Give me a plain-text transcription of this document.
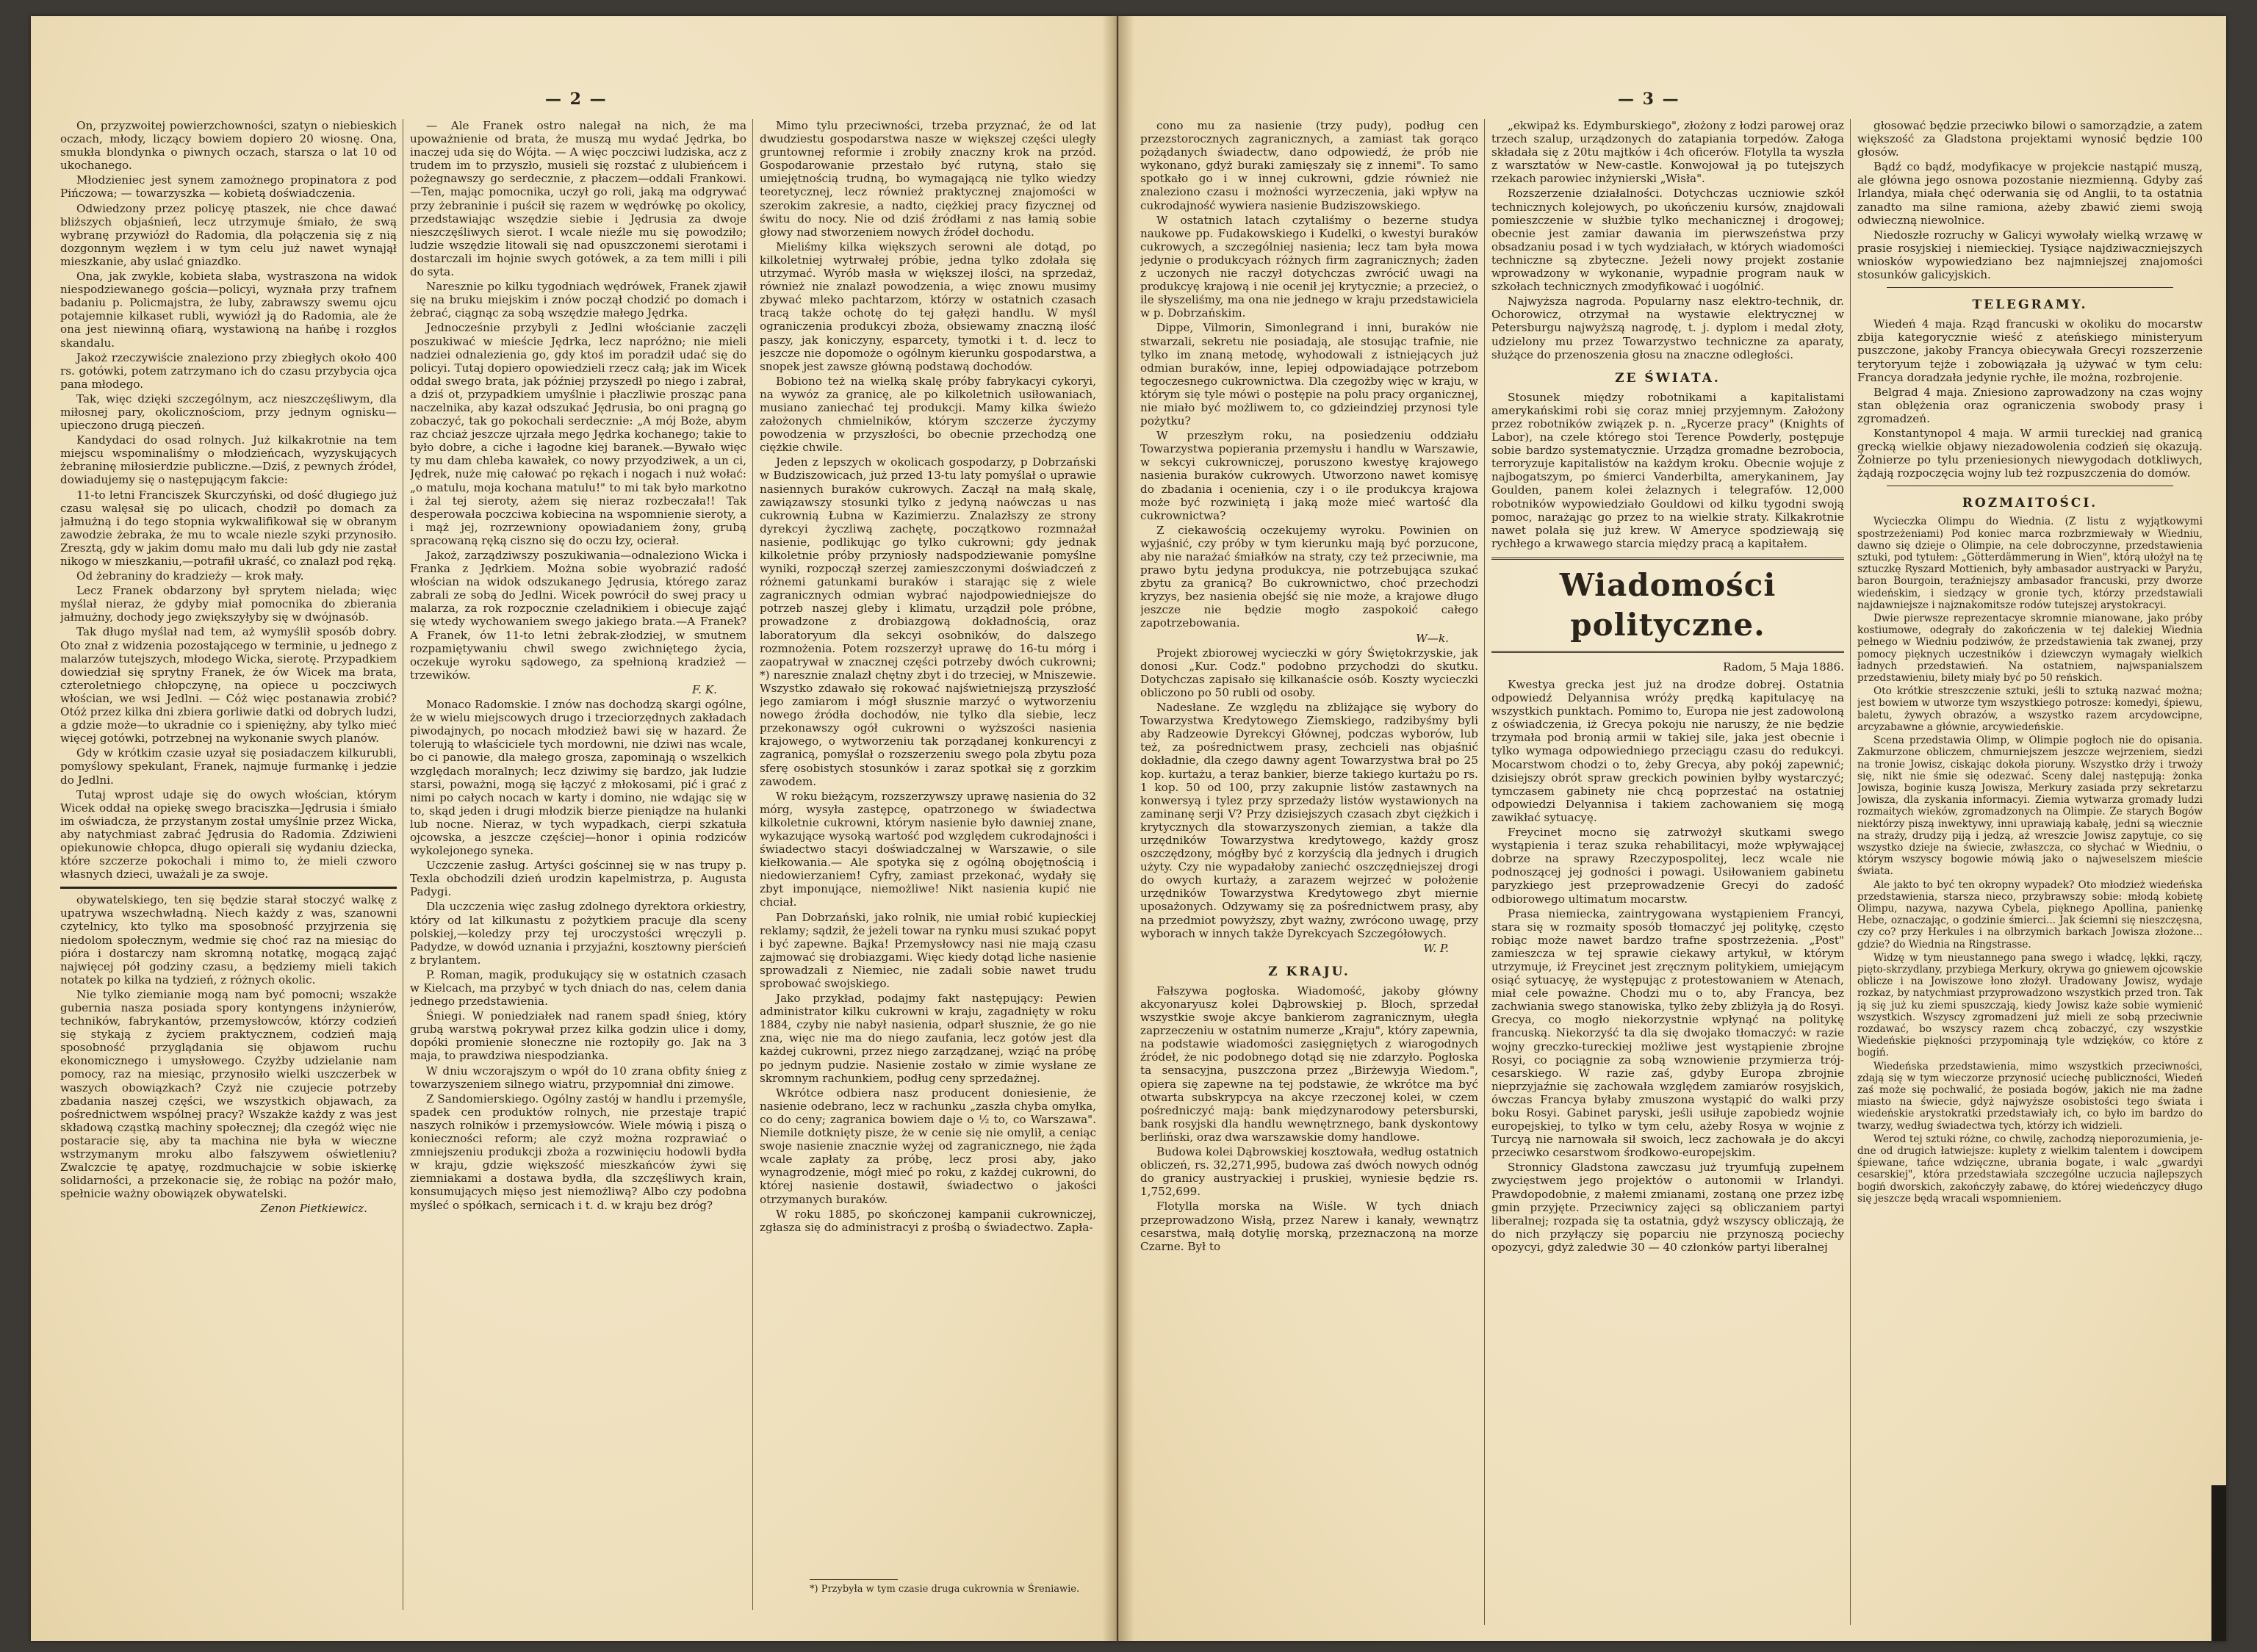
— 2 —

On, przyzwoitej powierzchowności, szatyn o niebieskich oczach, młody, liczący bowiem dopiero 20 wiosnę. Ona, smukła blondynka o piwnych oczach, starsza o lat 10 od ukochanego.

Młodzieniec jest synem zamożnego propinatora z pod Pińczowa; — towarzyszka — kobietą doświadczenia.

Odwiedzony przez policyę ptaszek, nie chce dawać bliższych objaśnień, lecz utrzymuje śmiało, że swą wybranę przywiózł do Radomia, dla połączenia się z nią dozgonnym węzłem i w tym celu już nawet wynajął mieszkanie, aby uslać gniazdko.

Ona, jak zwykle, kobieta słaba, wystraszona na widok niespodziewanego gościa—policyi, wyznała przy trafnem badaniu p. Policmajstra, że luby, zabrawszy swemu ojcu potajemnie kilkaset rubli, wywiózł ją do Radomia, ale że ona jest niewinną ofiarą, wystawioną na hańbę i rozgłos skandalu.

Jakoż rzeczywiście znaleziono przy zbiegłych około 400 rs. gotówki, potem zatrzymano ich do czasu przybycia ojca pana młodego.

Tak, więc dzięki szczególnym, acz nieszczęśliwym, dla miłosnej pary, okolicznościom, przy jednym ognisku—upieczono drugą pieczeń.

Kandydaci do osad rolnych. Już kilkakrotnie na tem miejscu wspominaliśmy o młodzieńcach, wyzyskujących żebraninę miłosierdzie publiczne.—Dziś, z pewnych źródeł, dowiadujemy się o następującym fakcie:

11-to letni Franciszek Skurczyński, od dość długiego już czasu walęsał się po ulicach, chodził po domach za jałmużną i do tego stopnia wykwalifikował się w obranym zawodzie żebraka, że mu to wcale niezle szyki przynosiło. Zresztą, gdy w jakim domu mało mu dali lub gdy nie zastał nikogo w mieszkaniu,—potrafił ukraść, co znalazł pod ręką.

Od żebraniny do kradzieży — krok mały.

Lecz Franek obdarzony był sprytem nielada; więc myślał nieraz, że gdyby miał pomocnika do zbierania jałmużny, dochody jego zwiększyłyby się w dwójnasób.

Tak długo myślał nad tem, aż wymyślił sposób dobry. Oto znał z widzenia pozostającego w terminie, u jednego z malarzów tutejszych, młodego Wicka, sierotę. Przypadkiem dowiedział się sprytny Franek, że ów Wicek ma brata, czteroletniego chłopczynę, na opiece u poczciwych włościan, we wsi Jedlni. — Cóż więc postanawia zrobić? Otóż przez kilka dni zbiera gorliwie datki od dobrych ludzi, a gdzie może—to ukradnie co i spieniężny, aby tylko mieć więcej gotówki, potrzebnej na wykonanie swych planów.

Gdy w krótkim czasie uzyał się posiadaczem kilkurubli, pomyślowy spekulant, Franek, najmuje furmankę i jedzie do Jedlni.

Tutaj wprost udaje się do owych włościan, którym Wicek oddał na opiekę swego braciszka—Jędrusia i śmiało im oświadcza, że przystanym został umyślnie przez Wicka, aby natychmiast zabrać Jędrusia do Radomia. Zdziwieni opiekunowie chłopca, długo opierali się wydaniu dziecka, które szczerze pokochali i mimo to, że mieli czworo własnych dzieci, uważali je za swoje.

obywatelskiego, ten się będzie starał stoczyć walkę z upatrywa wszechwładną. Niech każdy z was, szanowni czytelnicy, kto tylko ma sposobność przyjrzenia się niedolom społecznym, wedmie się choć raz na miesiąc do pióra i dostarczy nam skromną notatkę, mogącą zająć najwięcej pół godziny czasu, a będziemy mieli takich notatek po kilka na tydzień, z różnych okolic.

Nie tylko ziemianie mogą nam być pomocni; wszakże gubernia nasza posiada spory kontyngens inżynierów, techników, fabrykantów, przemysłowców, którzy codzień się stykają z życiem praktycznem, codzień mają sposobność przyglądania się objawom ruchu ekonomicznego i umysłowego. Czyżby udzielanie nam pomocy, raz na miesiąc, przynosiło wielki uszczerbek w waszych obowiązkach? Czyż nie czujecie potrzeby zbadania naszej części, we wszystkich objawach, za pośrednictwem wspólnej pracy? Wszakże każdy z was jest składową cząstką machiny społecznej; dla czegóż więc nie postaracie się, aby ta machina nie była w wieczne wstrzymanym mroku albo fałszywem oświetleniu? Zwalczcie tę apatyę, rozdmuchajcie w sobie iskierkę solidarności, a przekonacie się, że robiąc na pożór mało, spełnicie ważny obowiązek obywatelski.

Zenon Pietkiewicz.

— Ale Franek ostro nalegał na nich, że ma upoważnienie od brata, że muszą mu wydać Jędrka, bo inaczej uda się do Wójta. — A więc poczciwi ludziska, acz z trudem im to przyszło, musieli się rozstać z ulubieńcem i pożegnawszy go serdecznie, z płaczem—oddali Frankowi.—Ten, mając pomocnika, uczył go roli, jaką ma odgrywać przy żebraninie i puścił się razem w wędrówkę po okolicy, przedstawiając wszędzie siebie i Jędrusia za dwoje nieszczęśliwych sierot. I wcale nieźle mu się powodziło; ludzie wszędzie litowali się nad opuszczonemi sierotami i dostarczali im hojnie swych gotówek, a za tem milli i pili do syta.

Naresznie po kilku tygodniach wędrówek, Franek zjawił się na bruku miejskim i znów począł chodzić po domach i żebrać, ciągnąc za sobą wszędzie małego Jędrka.

Jednocześnie przybyli z Jedlni włościanie zaczęli poszukiwać w mieście Jędrka, lecz napróżno; nie mieli nadziei odnalezienia go, gdy ktoś im poradził udać się do policyi. Tutaj dopiero opowiedzieli rzecz całą; jak im Wicek oddał swego brata, jak później przyszedł po niego i zabrał, a dziś ot, przypadkiem umyślnie i płaczliwie prosząc pana naczelnika, aby kazał odszukać Jędrusia, bo oni pragną go zobaczyć, tak go pokochali serdecznie: „A mój Boże, abym raz chciaż jeszcze ujrzała mego Jędrka kochanego; takie to było dobre, a ciche i łagodne kiej baranek.—Bywało więc ty mu dam chleba kawałek, co nowy przyodziwek, a un ci, Jędrek, nuże mię całować po rękach i nogach i nuż wołać: „o matulu, moja kochana matulu!" to mi tak było markotno i żal tej sieroty, ażem się nieraz rozbeczała!! Tak desperowała poczciwa kobiecina na wspomnienie sieroty, a i mąż jej, rozrzewniony opowiadaniem żony, grubą spracowaną ręką ciszno się do oczu łzy, ocierał.

Jakoż, zarządziwszy poszukiwania—odnaleziono Wicka i Franka z Jędrkiem. Można sobie wyobrazić radość włościan na widok odszukanego Jędrusia, którego zaraz zabrali ze sobą do Jedlni. Wicek powrócił do swej pracy u malarza, za rok rozpocznie czeladnikiem i obiecuje zająć się wtedy wychowaniem swego jakiego brata.—A Franek? A Franek, ów 11-to letni żebrak-złodziej, w smutnem rozpamiętywaniu chwil swego zwichniętego życia, oczekuje wyroku sądowego, za spełnioną kradzież — trzewików.

F. K.

Monaco Radomskie. I znów nas dochodzą skargi ogólne, że w wielu miejscowych drugo i trzeciorzędnych zakładach piwodajnych, po nocach młodzież bawi się w hazard. Że tolerują to właściciele tych mordowni, nie dziwi nas wcale, bo ci panowie, dla małego grosza, zapominają o wszelkich względach moralnych; lecz dziwimy się bardzo, jak ludzie starsi, poważni, mogą się łączyć z młokosami, pić i grać z nimi po całych nocach w karty i domino, nie wdając się w to, skąd jeden i drugi młodzik bierze pieniądze na hulanki lub nocne. Nieraz, w tych wypadkach, cierpi szkatuła ojcowska, a jeszcze częściej—honor i opinia rodziców wykolejonego syneka.

Uczczenie zasług. Artyści gościnnej się w nas trupy p. Texla obchodzili dzień urodzin kapelmistrza, p. Augusta Padygi.

Dla uczczenia więc zasług zdolnego dyrektora orkiestry, który od lat kilkunastu z pożytkiem pracuje dla sceny polskiej,—koledzy przy tej uroczystości wręczyli p. Padydze, w dowód uznania i przyjaźni, kosztowny pierścień z brylantem.

P. Roman, magik, produkujący się w ostatnich czasach w Kielcach, ma przybyć w tych dniach do nas, celem dania jednego przedstawienia.

Śniegi. W poniedziałek nad ranem spadł śnieg, który grubą warstwą pokrywał przez kilka godzin ulice i domy, dopóki promienie słoneczne nie roztopiły go. Jak na 3 maja, to prawdziwa niespodzianka.

W dniu wczorajszym o wpół do 10 zrana obfity śnieg z towarzyszeniem silnego wiatru, przypomniał dni zimowe.

Z Sandomierskiego. Ogólny zastój w handlu i przemyśle, spadek cen produktów rolnych, nie przestaje trapić naszych rolników i przemysłowców. Wiele mówią i piszą o konieczności reform; ale czyż można rozprawiać o zmniejszeniu produkcji zboża a rozwinięciu hodowli bydła w kraju, gdzie większość mieszkańców żywi się ziemniakami a dostawa bydła, dla szczęśliwych krain, konsumujących mięso jest niemożliwą? Albo czy podobna myśleć o spółkach, sernicach i t. d. w kraju bez dróg?

Mimo tylu przeciwności, trzeba przyznać, że od lat dwudziestu gospodarstwa nasze w większej części uległy gruntownej reformie i zrobiły znaczny krok na przód. Gospodarowanie przestało być rutyną, stało się umiejętnością trudną, bo wymagającą nie tylko wiedzy teoretycznej, lecz również praktycznej znajomości w szerokim zakresie, a nadto, ciężkiej pracy fizycznej od świtu do nocy. Nie od dziś źródłami z nas łamią sobie głowy nad stworzeniem nowych źródeł dochodu.

Mieliśmy kilka większych serowni ale dotąd, po kilkoletniej wytrwałej próbie, jedna tylko zdołała się utrzymać. Wyrób masła w większej ilości, na sprzedaż, również nie znalazł powodzenia, a więc znowu musimy zbywać mleko pachtarzom, którzy w ostatnich czasach tracą także ochotę do tej gałęzi handlu. W myśl ograniczenia produkcyi zboża, obsiewamy znaczną ilość paszy, jak koniczyny, esparcety, tymotki i t. d. lecz to jeszcze nie dopomoże o ogólnym kierunku gospodarstwa, a snopek jest zawsze główną podstawą dochodów.

Bobiono też na wielką skalę próby fabrykacyi cykoryi, na wywóz za granicę, ale po kilkoletnich usiłowaniach, musiano zaniechać tej produkcji. Mamy kilka świeżo założonych chmielników, którym szczerze życzymy powodzenia w przyszłości, bo obecnie przechodzą one ciężkie chwile.

Jeden z lepszych w okolicach gospodarzy, p Dobrzański w Budziszowicach, już przed 13-tu laty pomyślał o uprawie nasiennych buraków cukrowych. Zaczął na małą skalę, zawiązawszy stosunki tylko z jedyną naówczas u nas cukrownią Łubna w Kazimierzu. Znalazłszy ze strony dyrekcyi życzliwą zachętę, początkowo rozmnażał nasienie, podlikując go tylko cukrowni; gdy jednak kilkoletnie próby przyniosły nadspodziewanie pomyślne wyniki, rozpoczął szerzej zamieszczonymi doświadczeń z różnemi gatunkami buraków i starając się z wiele zagranicznych odmian wybrać najodpowiedniejsze do potrzeb naszej gleby i klimatu, urządził pole próbne, prowadzone z drobiazgową dokładnością, oraz laboratoryum dla sekcyi osobników, do dalszego rozmnożenia. Potem rozszerzył uprawę do 16-tu mórg i zaopatrywał w znacznej części potrzeby dwóch cukrowni; *) naresznie znalazł chętny zbyt i do trzeciej, w Mniszewie. Wszystko zdawało się rokować najświetniejszą przyszłość jego zamiarom i mógł słusznie marzyć o wytworzeniu nowego źródła dochodów, nie tylko dla siebie, lecz przekonawszy ogół cukrowni o wyższości nasienia krajowego, o wytworzeniu tak porządanej konkurencyi z zagranicą, pomyślał o rozszerzeniu swego pola zbytu poza sferę osobistych stosunków i zaraz spotkał się z gorzkim zawodem.

W roku bieżącym, rozszerzywszy uprawę nasienia do 32 mórg, wysyła zastępcę, opatrzonego w świadectwa kilkoletnie cukrowni, którym nasienie było dawniej znane, wykazujące wysoką wartość pod względem cukrodajności i świadectwo stacyi doświadczalnej w Warszawie, o sile kiełkowania.— Ale spotyka się z ogólną obojętnością i niedowierzaniem! Cyfry, zamiast przekonać, wydały się zbyt imponujące, niemożliwe! Nikt nasienia kupić nie chciał.

Pan Dobrzański, jako rolnik, nie umiał robić kupieckiej reklamy; sądził, że jeżeli towar na rynku musi szukać popyt i być zapewne. Bajka! Przemysłowcy nasi nie mają czasu zajmować się drobiazgami. Więc kiedy dotąd liche nasienie sprowadzali z Niemiec, nie zadali sobie nawet trudu sprobować swojskiego.

Jako przykład, podajmy fakt następujący: Pewien administrator kilku cukrowni w kraju, zagadnięty w roku 1884, czyby nie nabył nasienia, odparł słusznie, że go nie zna, więc nie ma do niego zaufania, lecz gotów jest dla każdej cukrowni, przez niego zarządzanej, wziąć na próbę po jednym pudzie. Nasienie zostało w zimie wysłane ze skromnym rachunkiem, podług ceny sprzedażnej.

Wkrótce odbiera nasz producent doniesienie, że nasienie odebrano, lecz w rachunku „zaszła chyba omyłka, co do ceny; zagranica bowiem daje o ½ to, co Warszawa". Niemile dotknięty pisze, że w cenie się nie omylił, a ceniąc swoje nasienie znacznie wyżej od zagranicznego, nie żąda wcale zapłaty za próbę, lecz prosi aby, jako wynagrodzenie, mógł mieć po roku, z każdej cukrowni, do której nasienie dostawił, świadectwo o jakości otrzymanych buraków.

W roku 1885, po skończonej kampanii cukrowniczej, zgłasza się do administracyi z prośbą o świadectwo. Zapła-

*) Przybyła w tym czasie druga cukrownia w Śreniawie.
— 3 —

cono mu za nasienie (trzy pudy), podług cen przezstorocznych zagranicznych, a zamiast tak gorąco pożądanych świadectw, dano odpowiedź, że prób nie wykonano, gdyż buraki zamięszały się z innemi". To samo spotkało go i w innej cukrowni, gdzie również nie znaleziono czasu i możności wyrzeczenia, jaki wpływ na cukrodajność wywiera nasienie Budziszowskiego.

W ostatnich latach czytaliśmy o bezerne studya naukowe pp. Fudakowskiego i Kudelki, o kwestyi buraków cukrowych, a szczególniej nasienia; lecz tam była mowa jedynie o produkcyach różnych firm zagranicznych; żaden z uczonych nie raczył dotychczas zwrócić uwagi na produkcyę krajową i nie ocenił jej krytycznie; a przecież, o ile słyszeliśmy, ma ona nie jednego w kraju przedstawiciela w p. Dobrzańskim.

Dippe, Vilmorin, Simonlegrand i inni, buraków nie stwarzali, sekretu nie posiadają, ale stosując trafnie, nie tylko im znaną metodę, wyhodowali z istniejących już odmian buraków, inne, lepiej odpowiadające potrzebom tegoczesnego cukrownictwa. Dla czegożby więc w kraju, w którym się tyle mówi o postępie na polu pracy organicznej, nie miało być możliwem to, co gdzieindziej przynosi tyle pożytku?

W przeszłym roku, na posiedzeniu oddziału Towarzystwa popierania przemysłu i handlu w Warszawie, w sekcyi cukrowniczej, poruszono kwestyę krajowego nasienia buraków cukrowych. Utworzono nawet komisyę do zbadania i ocenienia, czy i o ile produkcya krajowa może być rozwiniętą i jaką może mieć wartość dla cukrownictwa?

Z ciekawością oczekujemy wyroku. Powinien on wyjaśnić, czy próby w tym kierunku mają być porzucone, aby nie narażać śmiałków na straty, czy też przeciwnie, ma prawo bytu jedyna produkcya, nie potrzebująca szukać zbytu za granicą? Bo cukrownictwo, choć przechodzi kryzys, bez nasienia obejść się nie może, a krajowe długo jeszcze nie będzie mogło zaspokoić całego zapotrzebowania.

W—k.

Projekt zbiorowej wycieczki w góry Świętokrzyskie, jak donosi „Kur. Codz." podobno przychodzi do skutku. Dotychczas zapisało się kilkanaście osób. Koszty wycieczki obliczono po 50 rubli od osoby.

Nadesłane. Ze względu na zbliżające się wybory do Towarzystwa Kredytowego Ziemskiego, radzibyśmy byli aby Radzeowie Dyrekcyi Głównej, podczas wyborów, lub też, za pośrednictwem prasy, zechcieli nas objaśnić dokładnie, dla czego dawny agent Towarzystwa brał po 25 kop. kurtażu, a teraz bankier, bierze takiego kurtażu po rs. 1 kop. 50 od 100, przy zakupnie listów zastawnych na konwersyą i tylez przy sprzedaży listów wystawionych na zaminanę serji V? Przy dzisiejszych czasach zbyt ciężkich i krytycznych dla stowarzyszonych ziemian, a także dla urzędników Towarzystwa kredytowego, każdy grosz oszczędzony, mógłby być z korzyścią dla jednych i drugich użyty. Czy nie wypadałoby zaniechć oszczędniejszej drogi do owych kurtaży, a zarazem wejrzeć w położenie urzędników Towarzystwa Kredytowego zbyt miernie uposażonych. Odzywamy się za pośrednictwem prasy, aby na przedmiot powyższy, zbyt ważny, zwrócono uwagę, przy wyborach w innych także Dyrekcyach Szczegółowych.

W. P.

Z KRAJU.

Fałszywa pogłoska. Wiadomość, jakoby główny akcyonaryusz kolei Dąbrowskiej p. Bloch, sprzedał wszystkie swoje akcye bankierom zagranicznym, ułegła zaprzeczeniu w ostatnim numerze „Kraju", który zapewnia, na podstawie wiadomości zasięgniętych z wiarogodnych źródeł, że nic podobnego dotąd się nie zdarzyło. Pogłoska ta sensacyjna, puszczona przez „Birżewyja Wiedom.", opiera się zapewne na tej podstawie, że wkrótce ma być otwarta subskrypcya na akcye rzeczonej kolei, w czem pośredniczyć mają: bank międzynarodowy petersburski, bank rosyjski dla handlu wewnętrznego, bank dyskontowy berliński, oraz dwa warszawskie domy handlowe.

Budowa kolei Dąbrowskiej kosztowała, według ostatnich obliczeń, rs. 32,271,995, budowa zaś dwóch nowych odnóg do granicy austryackiej i pruskiej, wyniesie będzie rs. 1,752,699.

Flotylla morska na Wiśle. W tych dniach przeprowadzono Wisłą, przez Narew i kanały, wewnątrz cesarstwa, małą dotylię morską, przeznaczoną na morze Czarne. Był to

„ekwipaż ks. Edymburskiego", złożony z łodzi parowej oraz trzech szalup, urządzonych do zatapiania torpedów. Załoga składała się z 20tu majtków i 4ch oficerów. Flotylla ta wyszła z warsztatów w New-castle. Konwojował ją po tutejszych rzekach parowiec inżynierski „Wisła".

Rozszerzenie działalności. Dotychczas uczniowie szkół technicznych kolejowych, po ukończeniu kursów, znajdowali pomieszczenie w służbie tylko mechanicznej i drogowej; obecnie jest zamiar dawania im pierwszeństwa przy obsadzaniu posad i w tych wydziałach, w których wiadomości techniczne są zbyteczne. Jeżeli nowy projekt zostanie wprowadzony w wykonanie, wypadnie program nauk w szkołach technicznych zmodyfikować i uogólnić.

Najwyższa nagroda. Popularny nasz elektro-technik, dr. Ochorowicz, otrzymał na wystawie elektrycznej w Petersburgu najwyższą nagrodę, t. j. dyplom i medal złoty, udzielony mu przez Towarzystwo techniczne za aparaty, służące do przenoszenia głosu na znaczne odległości.

ZE ŚWIATA.

Stosunek między robotnikami a kapitalistami amerykańskimi robi się coraz mniej przyjemnym. Założony przez robotników związek p. n. „Rycerze pracy" (Knights of Labor), na czele którego stoi Terence Powderly, postępuje sobie bardzo systematycznie. Urządza gromadne bezrobocia, terroryzuje kapitalistów na każdym kroku. Obecnie wojuje z najbogatszym, po śmierci Vanderbilta, amerykaninem, Jay Goulden, panem kolei żelaznych i telegrafów. 12,000 robotników wypowiedziało Gouldowi od kilku tygodni swoją pomoc, narażając go przez to na wielkie straty. Kilkakrotnie nawet polała się już krew. W Ameryce spodziewają się rychłego a krwawego starcia między pracą a kapitałem.

Wiadomości polityczne.

Radom, 5 Maja 1886.

Kwestya grecka jest już na drodze dobrej. Ostatnia odpowiedź Delyannisa wróży prędką kapitulacyę na wszystkich punktach. Pomimo to, Europa nie jest zadowoloną z oświadczenia, iż Grecya pokoju nie naruszy, że nie będzie trzymała pod bronią armii w takiej sile, jaka jest obecnie i tylko wymaga odpowiedniego przeciągu czasu do redukcyi. Mocarstwom chodzi o to, żeby Grecya, aby pokój zapewnić; dzisiejszy obrót spraw greckich powinien byłby wystarczyć; tymczasem gabinety nie chcą poprzestać na ostatniej odpowiedzi Delyannisa i takiem zachowaniem się mogą zawikłać sytuacyę.

Freycinet mocno się zatrwożył skutkami swego wystąpienia i teraz szuka rehabilitacyi, może wpływającej dobrze na sprawy Rzeczypospolitej, lecz wcale nie podnoszącej jej godności i powagi. Usiłowaniem gabinetu paryzkiego jest przeprowadzenie Grecyi do zadość odbiorowego ultimatum mocarstw.

Prasa niemiecka, zaintrygowana wystąpieniem Francyi, stara się w rozmaity sposób tłomaczyć jej politykę, często robiąc może nawet bardzo trafne spostrzeżenia. „Post" zamieszcza w tej sprawie ciekawy artykuł, w którym utrzymuje, iż Freycinet jest zręcznym politykiem, umiejącym osiąć sytuacyę, że występując z protestowaniem w Atenach, miał cele poważne. Chodzi mu o to, aby Francya, bez zachwiania swego stanowiska, tylko żeby zbliżyła ją do Rosyi. Grecya, co mogło niekorzystnie wpłynąć na politykę francuską. Niekorzyść ta dla się dwojako tłomaczyć: w razie wojny greczko-tureckiej możliwe jest wystąpienie zbrojne Rosyi, co pociągnie za sobą wznowienie przymierza trój-cesarskiego. W razie zaś, gdyby Europa zbrojnie nieprzyjaźnie się zachowała względem zamiarów rosyjskich, ówczas Francya byłaby zmuszona wystąpić do walki przy boku Rosyi. Gabinet paryski, jeśli usiłuje zapobiedz wojnie europejskiej, to tylko w tym celu, ażeby Rosya w wojnie z Turcyą nie narnowała sił swoich, lecz zachowała je do akcyi przeciwko cesarstwom środkowo-europejskim.

Stronnicy Gladstona zawczasu już tryumfują zupełnem zwycięstwem jego projektów o autonomii w Irlandyi. Prawdopodobnie, z małemi zmianami, zostaną one przez izbę gmin przyjęte. Przeciwnicy zajęci są obliczaniem partyi liberalnej; rozpada się ta ostatnia, gdyż wszyscy obliczają, że do nich przyłączy się poparciu nie przynoszą pociechy opozycyi, gdyż zaledwie 30 — 40 członków partyi liberalnej

głosować będzie przeciwko bilowi o samorządzie, a zatem większość za Gladstona projektami wynosić będzie 100 głosów.

Bądź co bądź, modyfikacye w projekcie nastąpić muszą, ale główna jego osnowa pozostanie niezmienną. Gdyby zaś Irlandya, miała chęć oderwania się od Anglii, to ta ostatnia zanadto ma silne ramiona, ażeby zbawić ziemi swoją odwieczną niewolnice.

Niedoszłe rozruchy w Galicyi wywołały wielką wrzawę w prasie rosyjskiej i niemieckiej. Tysiące najdziwaczniejszych wniosków wypowiedziano bez najmniejszej znajomości stosunków galicyjskich.

TELEGRAMY.

Wiedeń 4 maja. Rząd francuski w okoliku do mocarstw zbija kategorycznie wieść z ateńskiego ministeryum puszczone, jakoby Francya obiecywała Grecyi rozszerzenie terytoryum tejże i zobowiązała ją używać w tym celu: Francya doradzała jedynie rychłe, ile można, rozbrojenie.

Belgrad 4 maja. Zniesiono zaprowadzony na czas wojny stan oblężenia oraz ograniczenia swobody prasy i zgromadzeń.

Konstantynopol 4 maja. W armii tureckiej nad granicą grecką wielkie objawy niezadowolenia codzień się okazują. Żołnierze po tylu przeniesionych niewygodach dotkliwych, żądają rozpoczęcia wojny lub też rozpuszczenia do domów.

ROZMAITOŚCI.

Wycieczka Olimpu do Wiednia. (Z listu z wyjątkowymi spostrzeżeniami) Pod koniec marca rozbrzmiewały w Wiedniu, dawno się dzieje o Olimpie, na cele dobroczynne, przedstawienia sztuki, pod tytułem: „Götterdämmerung in Wien", którą ułożył na tę sztuczkę Ryszard Mottienich, były ambasador austryacki w Paryżu, baron Bourgoin, teraźniejszy ambasador francuski, przy dworze wiedeńskim, i siedzący w gronie tych, którzy przedstawiali najdawniejsze i najznakomitsze rodów tutejszej arystokracyi.

Dwie pierwsze reprezentacye skromnie mianowane, jako próby kostiumowe, odegrały do zakończenia w tej dalekiej Wiednia pełnego w Wiedniu podziwów, że przedstawienia tak zwanej, przy pomocy pięknych uczestników i dziewczyn wymagały wielkich ładnych przedstawień. Na ostatniem, najwspanialszem przedstawieniu, bilety miały być po 50 reńskich.

Oto krótkie streszczenie sztuki, jeśli to sztuką nazwać można; jest bowiem w utworze tym wszystkiego potrosze: komedyi, śpiewu, baletu, żywych obrazów, a wszystko razem arcydowcipne, arcyzabawne a głównie, arcywiedeńskie.

Scena przedstawia Olimp, w Olimpie pogłoch nie do opisania. Zakmurzone obliczem, chmurniejszem jeszcze wejrzeniem, siedzi na tronie Jowisz, ciskając dokoła pioruny. Wszystko drży i trwoży się, nikt nie śmie się odezwać. Sceny dalej następują: żonka Jowisza, boginie kuszą Jowisza, Merkury zasiada przy sekretarzu Jowisza, dla zyskania informacyi. Ziemia wytwarza gromady ludzi rozmaitych wieków, zgromadzonych na Olimpie. Ze starych Bogów niektórzy piszą inwektywy, inni uprawiają kabałę, jedni są wiecznie na straży, drudzy piją i jedzą, aż wreszcie Jowisz zapytuje, co się wszystko dzieje na świecie, zwłaszcza, co słychać w Wiedniu, o którym wszyscy bogowie mówią jako o najweselszem mieście świata.

Ale jakto to być ten okropny wypadek? Oto młodzież wiedeńska przedstawienia, starsza nieco, przybrawszy sobie: młodą kobietę Olimpu, nazywa, nazywa Cybela, pięknego Apollina, panienkę Hebe, oznaczając, o godzinie śmierci... Jak ściemni się nieszczęsna, czy co? przy Herkules i na olbrzymich barkach Jowisza złożone... gdzie? do Wiednia na Ringstrasse.

Widzę w tym nieustannego pana swego i władcę, lękki, rączy, pięto-skrzydlany, przybiega Merkury, okrywa go gniewem ojcowskie oblicze i na Jowiszowe łono złożył. Uradowany Jowisz, wydaje rozkaz, by natychmiast przyprowadzono wszystkich przed tron. Tak ją się już ku ziemi spuszczają, kiedy Jowisz każe sobie wymienić wszystkich. Wszyscy zgromadzeni już mieli ze sobą przeciwnie rozdawać, bo wszyscy razem chcą zobaczyć, czy wszystkie Wiedeńskie piękności przypominają tyle wdzięków, co które z bogiń.

Wiedeńska przedstawienia, mimo wszystkich przeciwności, zdają się w tym wieczorze przynosić uciechę publiczności, Wiedeń zaś może się pochwalić, że posiada bogów, jakich nie ma żadne miasto na świecie, gdyż najwyższe osobistości tego świata i wiedeńskie arystokratki przedstawiały ich, co było im bardzo do twarzy, według świadectwa tych, którzy ich widzieli.

Werod tej sztuki różne, co chwilę, zachodzą nieporozumienia, je-dne od drugich łatwiejsze: kuplety z wielkim talentem i dowcipem śpiewane, tańce wdzięczne, ubrania bogate, i walc „gwardyi cesarskiej", która przedstawiała szczególne uczucia najlepszych bogiń dworskich, zakończyły zabawę, do której wiedeńczycy długo się jeszcze będą wracali wspomnieniem.
